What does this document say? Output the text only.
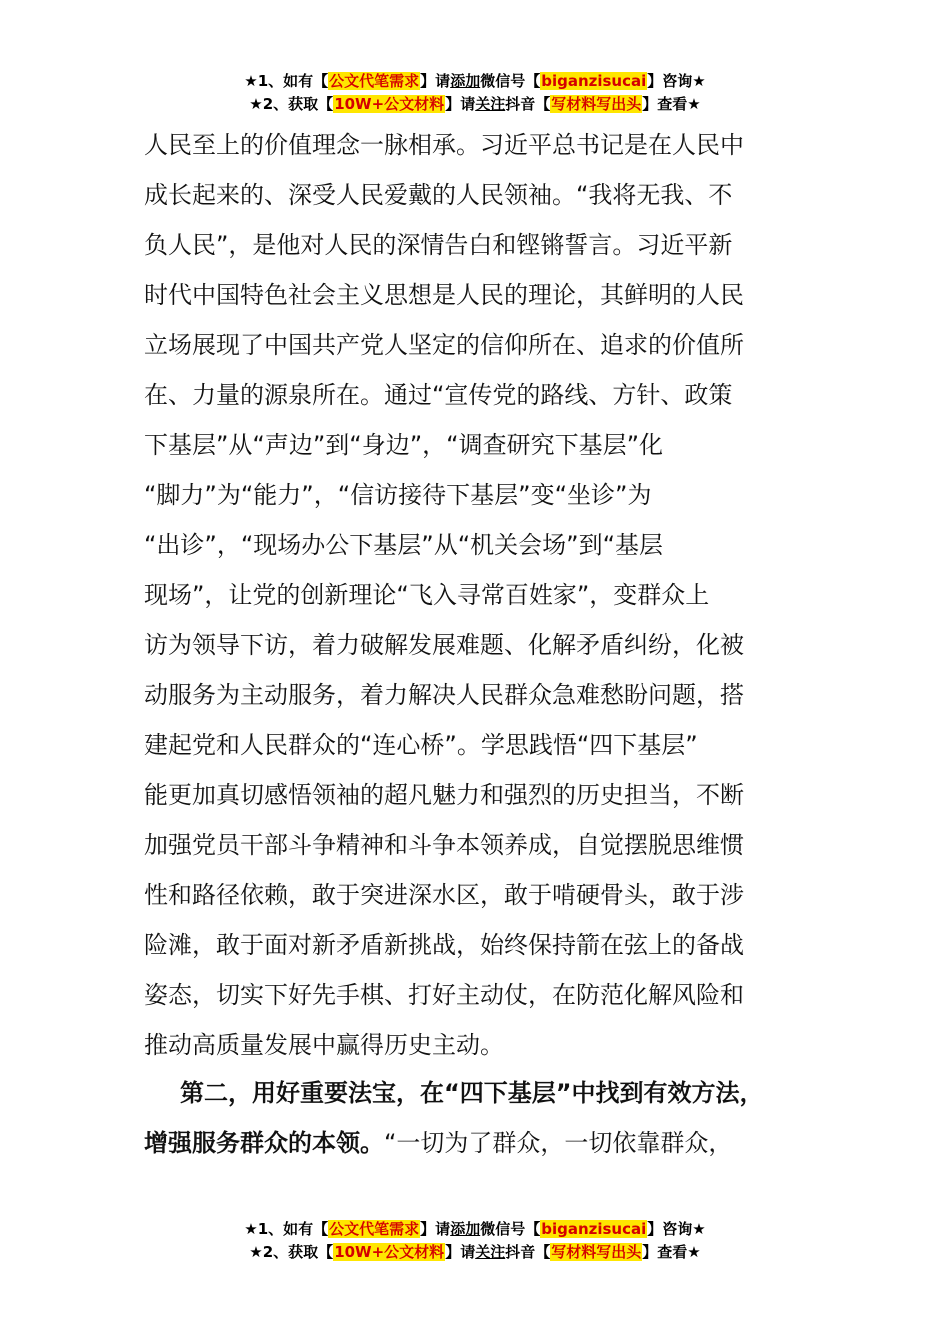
★1、如有【公文代笔需求】请添加微信号【biganzisucai】咨询★
★2、获取【10W+公文材料】请关注抖音【写材料写出头】查看★
人民至上的价值理念一脉相承。习近平总书记是在人民中
成长起来的、深受人民爱戴的人民领袖。“我将无我、不
负人民”，是他对人民的深情告白和铿锵誓言。习近平新
时代中国特色社会主义思想是人民的理论，其鲜明的人民
立场展现了中国共产党人坚定的信仰所在、追求的价值所
在、力量的源泉所在。通过“宣传党的路线、方针、政策
下基层”从“声边”到“身边”，“调查研究下基层”化
“脚力”为“能力”，“信访接待下基层”变“坐诊”为
“出诊”，“现场办公下基层”从“机关会场”到“基层
现场”，让党的创新理论“飞入寻常百姓家”，变群众上
访为领导下访，着力破解发展难题、化解矛盾纠纷，化被
动服务为主动服务，着力解决人民群众急难愁盼问题，搭
建起党和人民群众的“连心桥”。学思践悟“四下基层”
能更加真切感悟领袖的超凡魅力和强烈的历史担当，不断
加强党员干部斗争精神和斗争本领养成，自觉摆脱思维惯
性和路径依赖，敢于突进深水区，敢于啃硬骨头，敢于涉
险滩，敢于面对新矛盾新挑战，始终保持箭在弦上的备战
姿态，切实下好先手棋、打好主动仗，在防范化解风险和
推动高质量发展中赢得历史主动。
第二，用好重要法宝，在“四下基层”中找到有效方法，
增强服务群众的本领。“一切为了群众，一切依靠群众，
★1、如有【公文代笔需求】请添加微信号【biganzisucai】咨询★
★2、获取【10W+公文材料】请关注抖音【写材料写出头】查看★
